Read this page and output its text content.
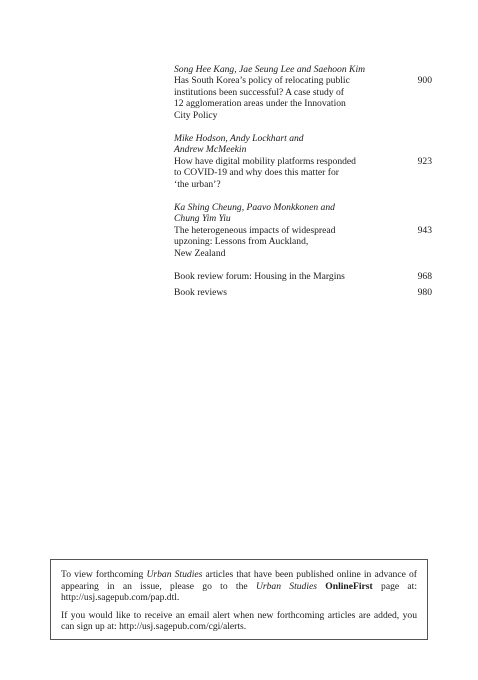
Song Hee Kang, Jae Seung Lee and Saehoon Kim
Has South Korea’s policy of relocating public
institutions been successful? A case study of
12 agglomeration areas under the Innovation
City Policy
900
Mike Hodson, Andy Lockhart and
Andrew McMeekin
How have digital mobility platforms responded
to COVID-19 and why does this matter for
‘the urban’?
923
Ka Shing Cheung, Paavo Monkkonen and
Chung Yim Yiu
The heterogeneous impacts of widespread
upzoning: Lessons from Auckland,
New Zealand
943
Book review forum: Housing in the Margins	968
Book reviews	980

To view forthcoming Urban Studies articles that have been published online in advance of appearing in an issue, please go to the Urban Studies OnlineFirst page at: http://usj.sagepub.com/pap.dtl.

If you would like to receive an email alert when new forthcoming articles are added, you can sign up at: http://usj.sagepub.com/cgi/alerts.
